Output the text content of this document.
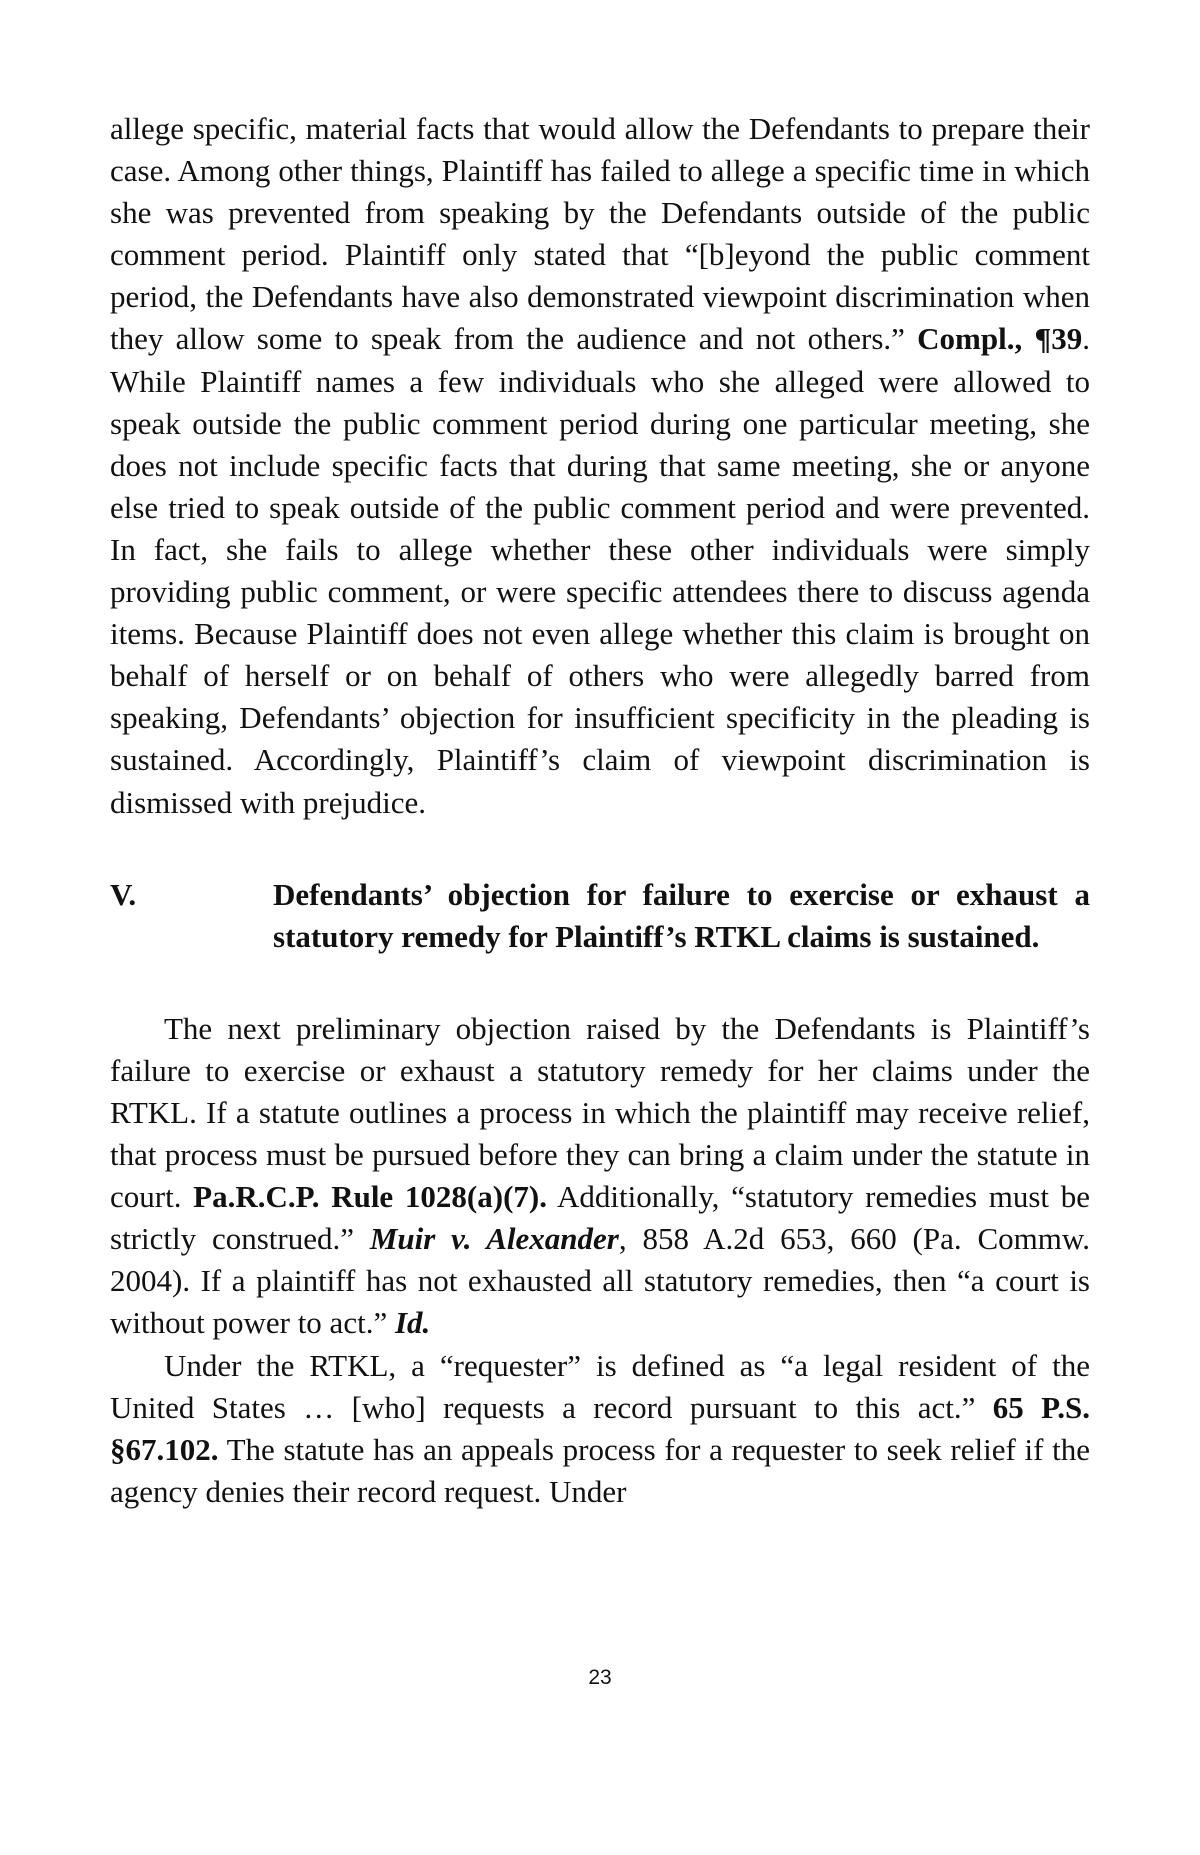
allege specific, material facts that would allow the Defendants to prepare their case. Among other things, Plaintiff has failed to allege a specific time in which she was prevented from speaking by the Defendants outside of the public comment period. Plaintiff only stated that “[b]eyond the public comment period, the Defendants have also demonstrated viewpoint discrimination when they allow some to speak from the audience and not others.” Compl., ¶39. While Plaintiff names a few individuals who she alleged were allowed to speak outside the public comment period during one particular meeting, she does not include specific facts that during that same meeting, she or anyone else tried to speak outside of the public comment period and were prevented. In fact, she fails to allege whether these other individuals were simply providing public comment, or were specific attendees there to discuss agenda items. Because Plaintiff does not even allege whether this claim is brought on behalf of herself or on behalf of others who were allegedly barred from speaking, Defendants’ objection for insufficient specificity in the pleading is sustained. Accordingly, Plaintiff’s claim of viewpoint discrimination is dismissed with prejudice.

V.	Defendants’ objection for failure to exercise or exhaust a statutory remedy for Plaintiff’s RTKL claims is sustained.

The next preliminary objection raised by the Defendants is Plaintiff’s failure to exercise or exhaust a statutory remedy for her claims under the RTKL. If a statute outlines a process in which the plaintiff may receive relief, that process must be pursued before they can bring a claim under the statute in court. Pa.R.C.P. Rule 1028(a)(7). Additionally, “statutory remedies must be strictly construed.” Muir v. Alexander, 858 A.2d 653, 660 (Pa. Commw. 2004). If a plaintiff has not exhausted all statutory remedies, then “a court is without power to act.” Id.

Under the RTKL, a “requester” is defined as “a legal resident of the United States … [who] requests a record pursuant to this act.” 65 P.S. §67.102. The statute has an appeals process for a requester to seek relief if the agency denies their record request. Under

23
